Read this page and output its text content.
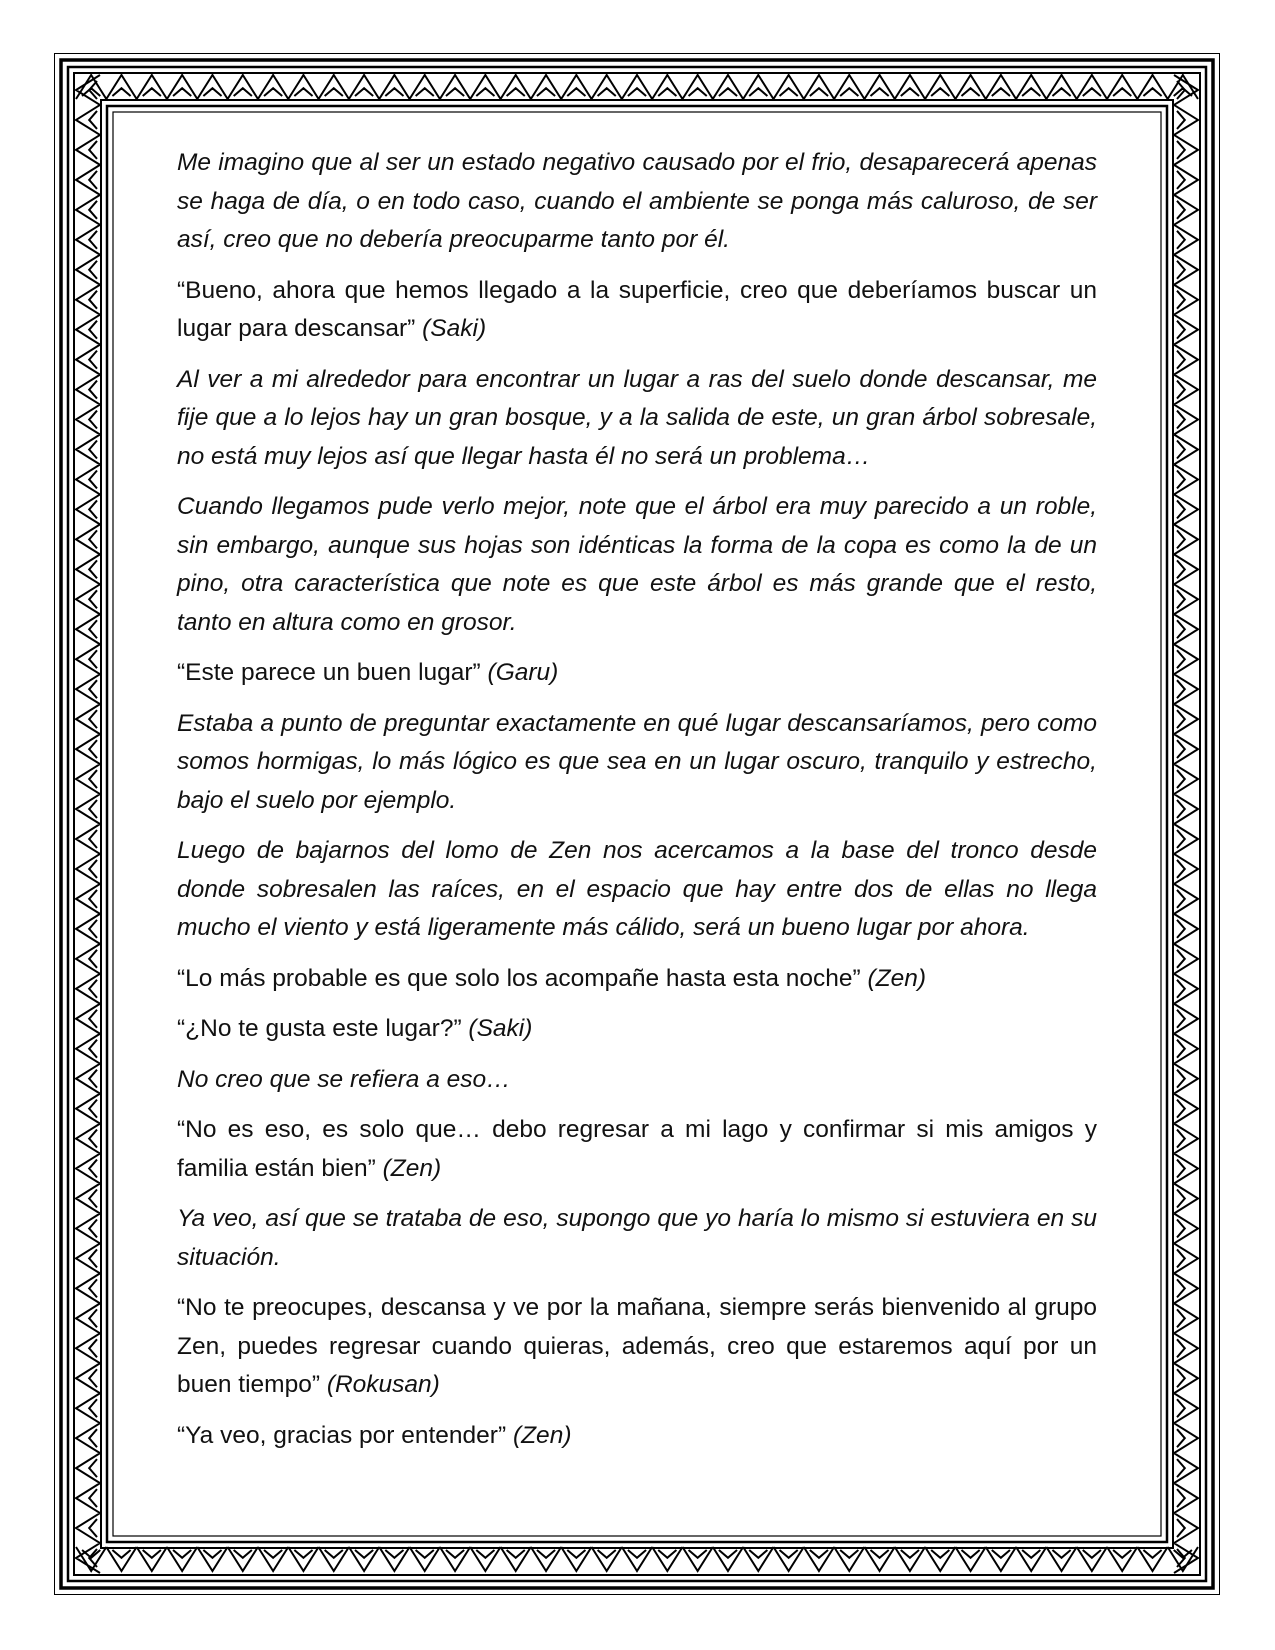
Me imagino que al ser un estado negativo causado por el frio, desaparecerá apenas se haga de día, o en todo caso, cuando el ambiente se ponga más caluroso, de ser así, creo que no debería preocuparme tanto por él.

“Bueno, ahora que hemos llegado a la superficie, creo que deberíamos buscar un lugar para descansar” (Saki)

Al ver a mi alrededor para encontrar un lugar a ras del suelo donde descansar, me fije que a lo lejos hay un gran bosque, y a la salida de este, un gran árbol sobresale, no está muy lejos así que llegar hasta él no será un problema…

Cuando llegamos pude verlo mejor, note que el árbol era muy parecido a un roble, sin embargo, aunque sus hojas son idénticas la forma de la copa es como la de un pino, otra característica que note es que este árbol es más grande que el resto, tanto en altura como en grosor.

“Este parece un buen lugar” (Garu)

Estaba a punto de preguntar exactamente en qué lugar descansaríamos, pero como somos hormigas, lo más lógico es que sea en un lugar oscuro, tranquilo y estrecho, bajo el suelo por ejemplo.

Luego de bajarnos del lomo de Zen nos acercamos a la base del tronco desde donde sobresalen las raíces, en el espacio que hay entre dos de ellas no llega mucho el viento y está ligeramente más cálido, será un bueno lugar por ahora.

“Lo más probable es que solo los acompañe hasta esta noche” (Zen)

“¿No te gusta este lugar?” (Saki)

No creo que se refiera a eso…

“No es eso, es solo que… debo regresar a mi lago y confirmar si mis amigos y familia están bien” (Zen)

Ya veo, así que se trataba de eso, supongo que yo haría lo mismo si estuviera en su situación.

“No te preocupes, descansa y ve por la mañana, siempre serás bienvenido al grupo Zen, puedes regresar cuando quieras, además, creo que estaremos aquí por un buen tiempo” (Rokusan)

“Ya veo, gracias por entender” (Zen)
